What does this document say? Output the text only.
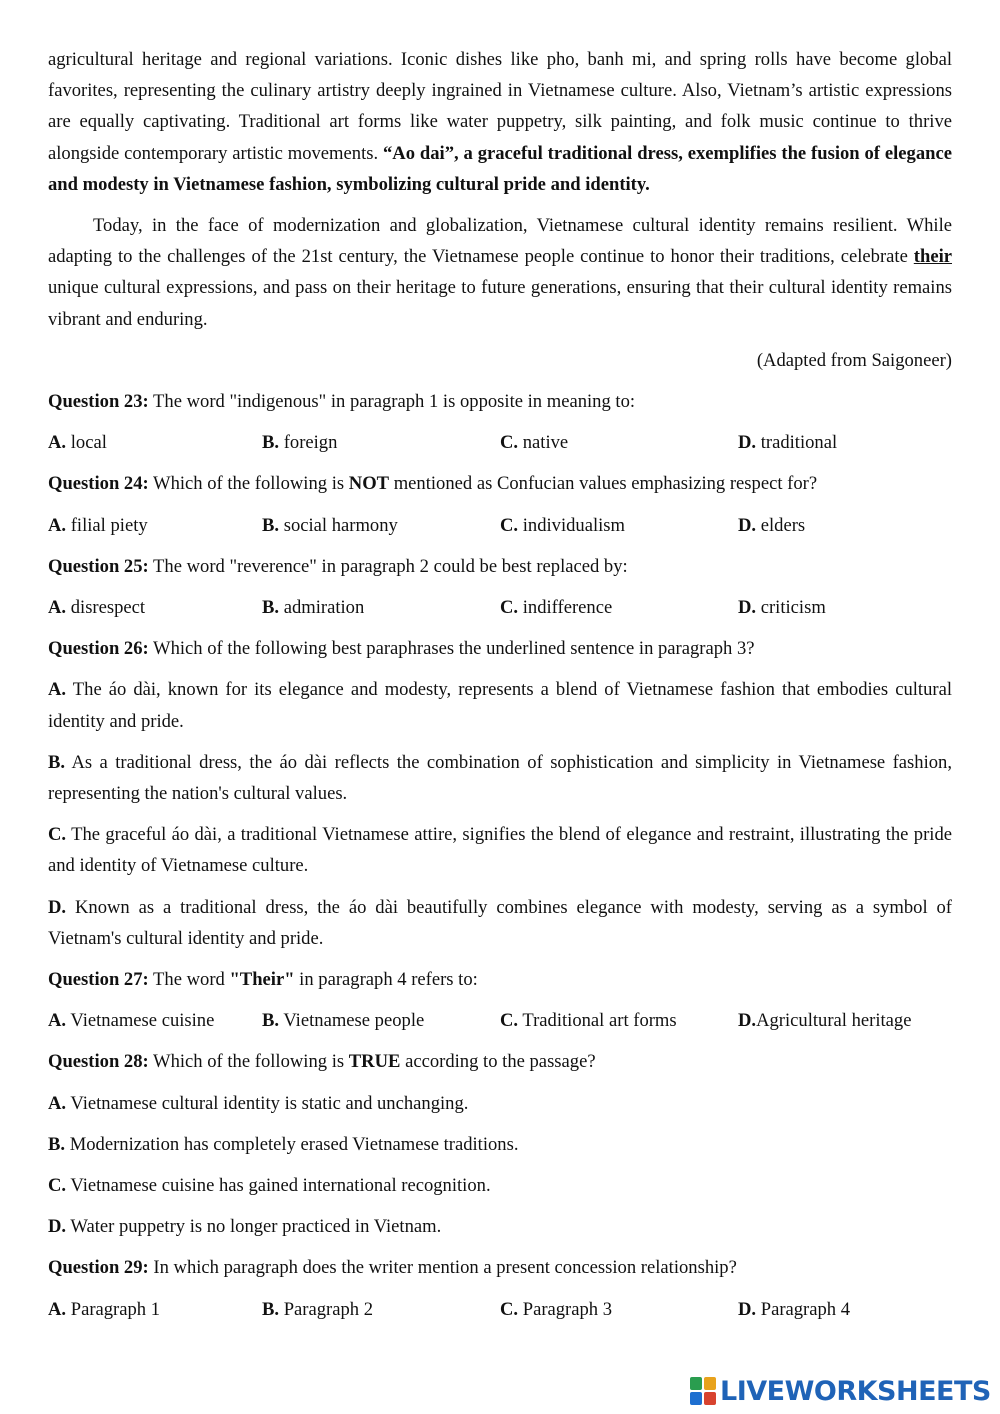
agricultural heritage and regional variations. Iconic dishes like pho, banh mi, and spring rolls have become global favorites, representing the culinary artistry deeply ingrained in Vietnamese culture. Also, Vietnam’s artistic expressions are equally captivating. Traditional art forms like water puppetry, silk painting, and folk music continue to thrive alongside contemporary artistic movements. “Ao dai”, a graceful traditional dress, exemplifies the fusion of elegance and modesty in Vietnamese fashion, symbolizing cultural pride and identity.

Today, in the face of modernization and globalization, Vietnamese cultural identity remains resilient. While adapting to the challenges of the 21st century, the Vietnamese people continue to honor their traditions, celebrate their unique cultural expressions, and pass on their heritage to future generations, ensuring that their cultural identity remains vibrant and enduring.

(Adapted from Saigoneer)

Question 23: The word "indigenous" in paragraph 1 is opposite in meaning to:

A. local	B. foreign	C. native	D. traditional

Question 24: Which of the following is NOT mentioned as Confucian values emphasizing respect for?

A. filial piety	B. social harmony	C. individualism	D. elders

Question 25: The word "reverence" in paragraph 2 could be best replaced by:

A. disrespect	B. admiration	C. indifference	D. criticism

Question 26: Which of the following best paraphrases the underlined sentence in paragraph 3?

A. The áo dài, known for its elegance and modesty, represents a blend of Vietnamese fashion that embodies cultural identity and pride.

B. As a traditional dress, the áo dài reflects the combination of sophistication and simplicity in Vietnamese fashion, representing the nation's cultural values.

C. The graceful áo dài, a traditional Vietnamese attire, signifies the blend of elegance and restraint, illustrating the pride and identity of Vietnamese culture.

D. Known as a traditional dress, the áo dài beautifully combines elegance with modesty, serving as a symbol of Vietnam's cultural identity and pride.

Question 27: The word "Their" in paragraph 4 refers to:

A. Vietnamese cuisine	B. Vietnamese people	C. Traditional art forms	D.Agricultural heritage

Question 28: Which of the following is TRUE according to the passage?

A. Vietnamese cultural identity is static and unchanging.

B. Modernization has completely erased Vietnamese traditions.

C. Vietnamese cuisine has gained international recognition.

D. Water puppetry is no longer practiced in Vietnam.

Question 29: In which paragraph does the writer mention a present concession relationship?

A. Paragraph 1	B. Paragraph 2	C. Paragraph 3	D. Paragraph 4
LIVEWORKSHEETS
